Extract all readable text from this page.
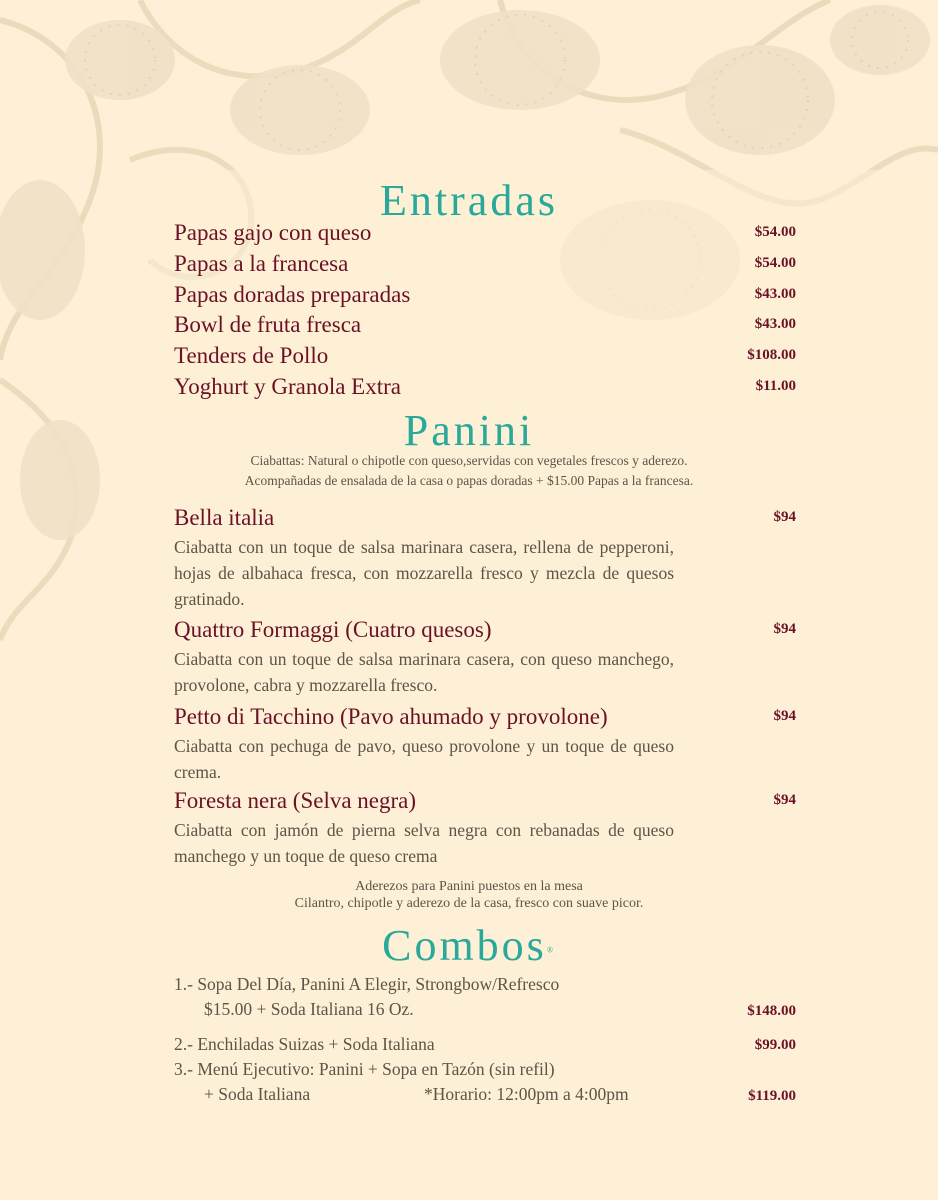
Entradas
Papas gajo con queso	$54.00
Papas a la francesa	$54.00
Papas doradas preparadas	$43.00
Bowl de fruta fresca	$43.00
Tenders de Pollo	$108.00
Yoghurt y Granola Extra	$11.00
Panini
Ciabattas: Natural o chipotle con queso,servidas con vegetales frescos y aderezo.
Acompañadas de ensalada de la casa o papas doradas + $15.00 Papas a la francesa.
Bella italia	$94
Ciabatta con un toque de salsa marinara casera, rellena de pepperoni, hojas de albahaca fresca, con mozzarella fresco y mezcla de quesos gratinado.
Quattro Formaggi (Cuatro quesos)	$94
Ciabatta con un toque de salsa marinara casera, con queso manchego, provolone, cabra y mozzarella fresco.
Petto di Tacchino (Pavo ahumado y provolone)	$94
Ciabatta con pechuga de pavo, queso provolone y un toque de queso crema.
Foresta nera (Selva negra)	$94
Ciabatta con jamón de pierna selva negra con rebanadas de queso manchego y un toque de queso crema
Aderezos para Panini puestos en la mesa
Cilantro, chipotle y aderezo de la casa, fresco con suave picor.
Combos®
1.- Sopa Del Día, Panini A Elegir, Strongbow/Refresco
$15.00 + Soda Italiana 16 Oz.	$148.00
2.- Enchiladas Suizas + Soda Italiana	$99.00
3.- Menú Ejecutivo: Panini + Sopa en Tazón (sin refil)
+ Soda Italiana	*Horario: 12:00pm a 4:00pm	$119.00
